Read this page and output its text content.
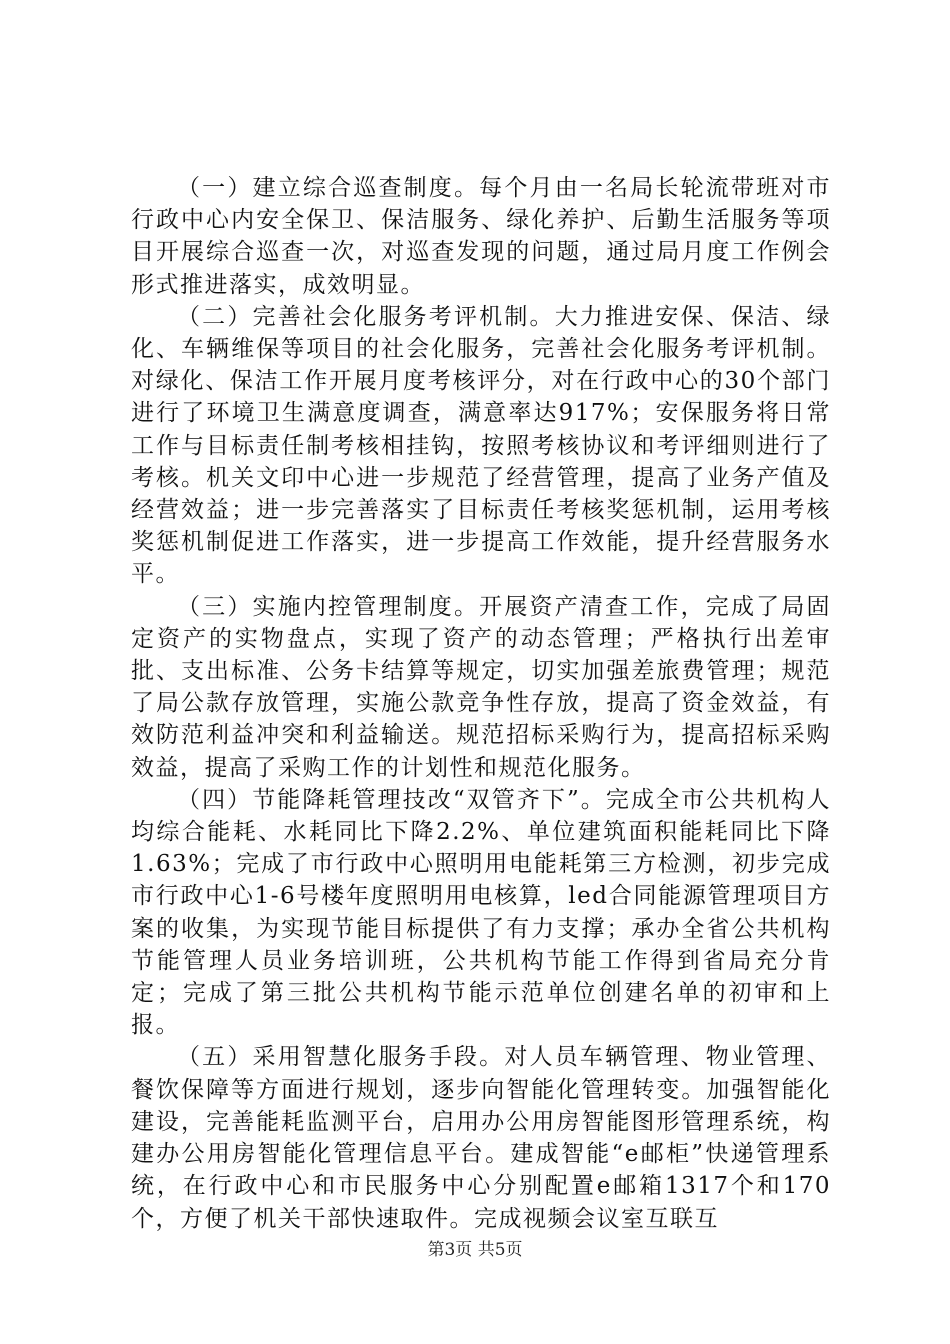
（一）建立综合巡查制度。每个月由一名局长轮流带班对市行政中心内安全保卫、保洁服务、绿化养护、后勤生活服务等项目开展综合巡查一次，对巡查发现的问题，通过局月度工作例会形式推进落实，成效明显。

（二）完善社会化服务考评机制。大力推进安保、保洁、绿化、车辆维保等项目的社会化服务，完善社会化服务考评机制。对绿化、保洁工作开展月度考核评分，对在行政中心的30个部门进行了环境卫生满意度调查，满意率达917%；安保服务将日常工作与目标责任制考核相挂钩，按照考核协议和考评细则进行了考核。机关文印中心进一步规范了经营管理，提高了业务产值及经营效益；进一步完善落实了目标责任考核奖惩机制，运用考核奖惩机制促进工作落实，进一步提高工作效能，提升经营服务水平。

（三）实施内控管理制度。开展资产清查工作，完成了局固定资产的实物盘点，实现了资产的动态管理；严格执行出差审批、支出标准、公务卡结算等规定，切实加强差旅费管理；规范了局公款存放管理，实施公款竞争性存放，提高了资金效益，有效防范利益冲突和利益输送。规范招标采购行为，提高招标采购效益，提高了采购工作的计划性和规范化服务。

（四）节能降耗管理技改“双管齐下”。完成全市公共机构人均综合能耗、水耗同比下降2.2%、单位建筑面积能耗同比下降1.63%；完成了市行政中心照明用电能耗第三方检测，初步完成市行政中心1-6号楼年度照明用电核算，led合同能源管理项目方案的收集，为实现节能目标提供了有力支撑；承办全省公共机构节能管理人员业务培训班，公共机构节能工作得到省局充分肯定；完成了第三批公共机构节能示范单位创建名单的初审和上报。

（五）采用智慧化服务手段。对人员车辆管理、物业管理、餐饮保障等方面进行规划，逐步向智能化管理转变。加强智能化建设，完善能耗监测平台，启用办公用房智能图形管理系统，构建办公用房智能化管理信息平台。建成智能“e邮柜”快递管理系统，在行政中心和市民服务中心分别配置e邮箱1317个和170个，方便了机关干部快速取件。完成视频会议室互联互

第3页 共5页
